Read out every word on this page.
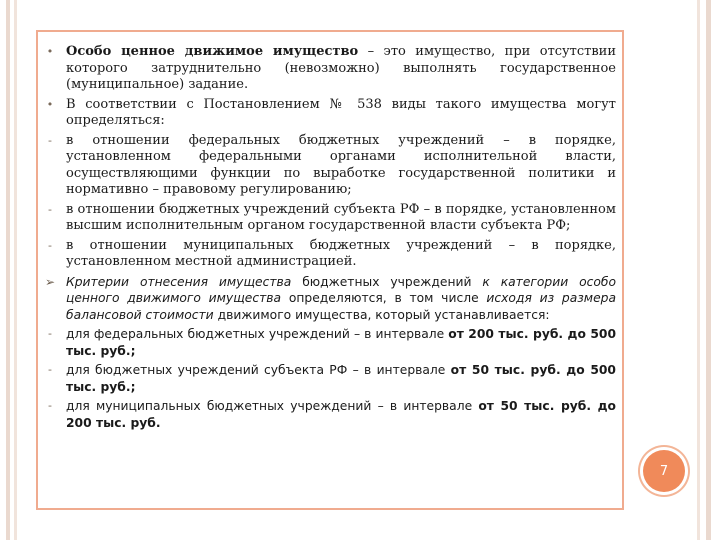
•
Особо ценное движимое имущество – это имущество, при отсутствии которого затруднительно (невозможно) выполнять государственное (муниципальное) задание.
•
В соответствии с Постановлением № 538 виды такого имущества могут определяться:
-
в отношении федеральных бюджетных учреждений – в порядке, установленном федеральными органами исполнительной власти, осуществляющими функции по выработке государственной политики и нормативно – правовому регулированию;
-
в отношении бюджетных учреждений субъекта РФ – в порядке, установленном высшим исполнительным органом государственной власти субъекта РФ;
-
в отношении муниципальных бюджетных учреждений – в порядке, установленном местной администрацией.
➢
Критерии отнесения имущества бюджетных учреждений к категории особо ценного движимого имущества определяются, в том числе исходя из размера балансовой стоимости движимого имущества, который устанавливается:
-
для федеральных бюджетных учреждений – в интервале от 200 тыс. руб. до 500 тыс. руб.;
-
для бюджетных учреждений субъекта РФ – в интервале от 50 тыс. руб. до 500 тыс. руб.;
-
для муниципальных бюджетных учреждений – в интервале от 50 тыс. руб. до 200 тыс. руб.
7
